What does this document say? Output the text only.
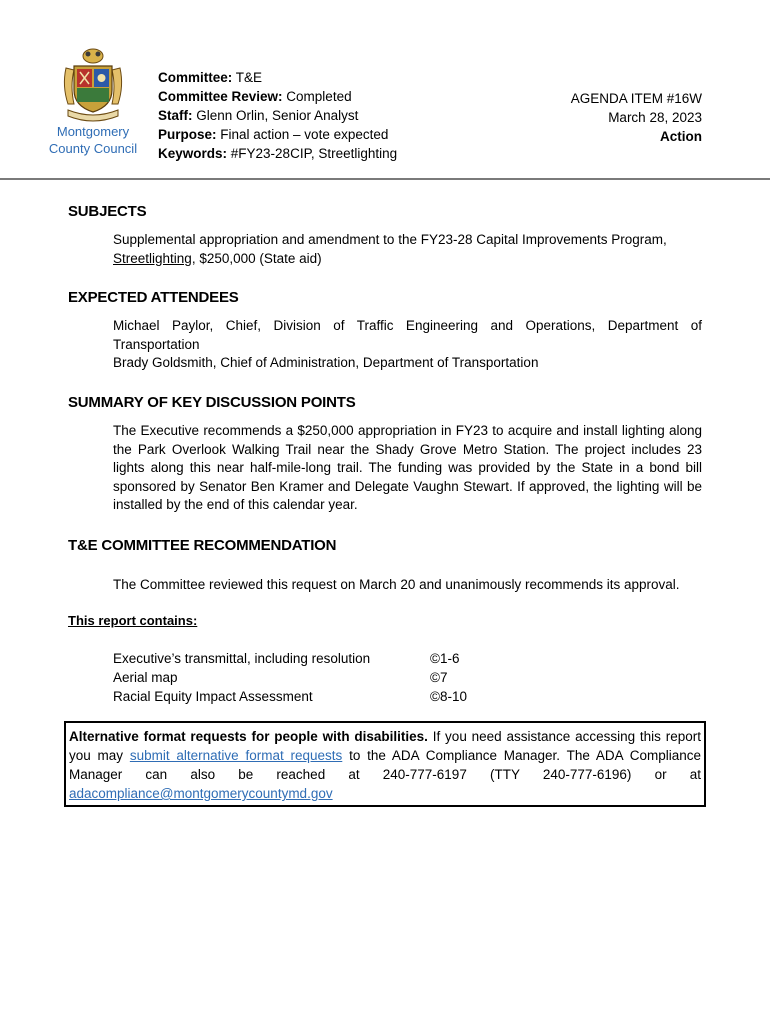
Montgomery
County Council
Committee: T&E
Committee Review: Completed
Staff: Glenn Orlin, Senior Analyst
Purpose: Final action – vote expected
Keywords: #FY23-28CIP, Streetlighting
AGENDA ITEM #16W
March 28, 2023
Action
SUBJECTS
Supplemental appropriation and amendment to the FY23-28 Capital Improvements Program, Streetlighting, $250,000 (State aid)
EXPECTED ATTENDEES
Michael Paylor, Chief, Division of Traffic Engineering and Operations, Department of Transportation
Brady Goldsmith, Chief of Administration, Department of Transportation
SUMMARY OF KEY DISCUSSION POINTS
The Executive recommends a $250,000 appropriation in FY23 to acquire and install lighting along the Park Overlook Walking Trail near the Shady Grove Metro Station. The project includes 23 lights along this near half-mile-long trail. The funding was provided by the State in a bond bill sponsored by Senator Ben Kramer and Delegate Vaughn Stewart. If approved, the lighting will be installed by the end of this calendar year.
T&E COMMITTEE RECOMMENDATION
The Committee reviewed this request on March 20 and unanimously recommends its approval.
This report contains:
Executive’s transmittal, including resolution	©1-6
Aerial map	©7
Racial Equity Impact Assessment	©8-10
Alternative format requests for people with disabilities. If you need assistance accessing this report you may submit alternative format requests to the ADA Compliance Manager. The ADA Compliance Manager can also be reached at 240-777-6197 (TTY 240-777-6196) or at adacompliance@montgomerycountymd.gov
